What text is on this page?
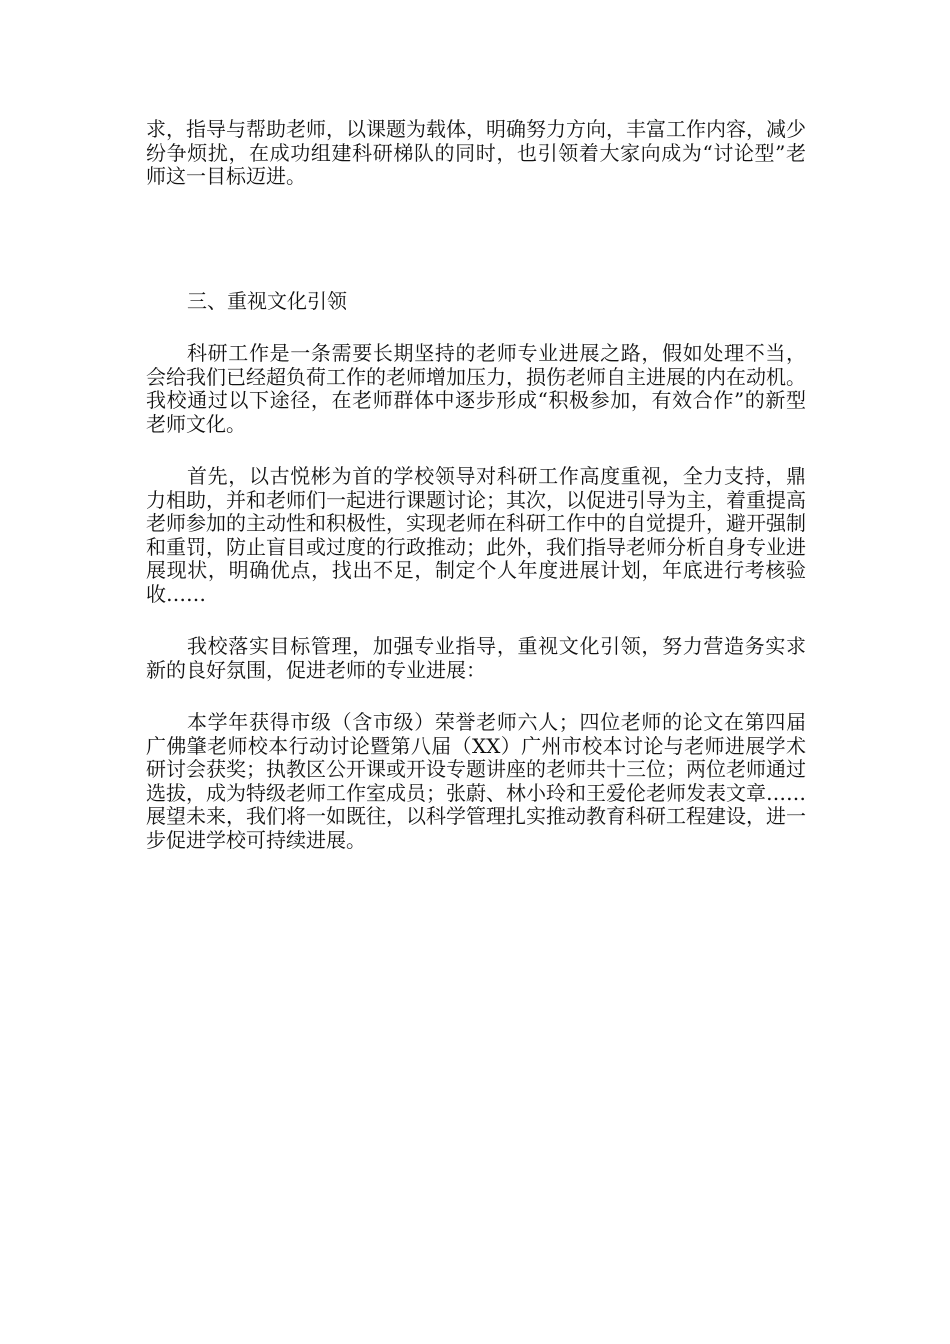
求，指导与帮助老师，以课题为载体，明确努力方向，丰富工作内容，减少纷争烦扰，在成功组建科研梯队的同时，也引领着大家向成为“讨论型”老师这一目标迈进。

三、重视文化引领

科研工作是一条需要长期坚持的老师专业进展之路，假如处理不当，会给我们已经超负荷工作的老师增加压力，损伤老师自主进展的内在动机。我校通过以下途径，在老师群体中逐步形成“积极参加，有效合作”的新型老师文化。

首先，以古悦彬为首的学校领导对科研工作高度重视，全力支持，鼎力相助，并和老师们一起进行课题讨论；其次，以促进引导为主，着重提高老师参加的主动性和积极性，实现老师在科研工作中的自觉提升，避开强制和重罚，防止盲目或过度的行政推动；此外，我们指导老师分析自身专业进展现状，明确优点，找出不足，制定个人年度进展计划，年底进行考核验收……

我校落实目标管理，加强专业指导，重视文化引领，努力营造务实求新的良好氛围，促进老师的专业进展：

本学年获得市级（含市级）荣誉老师六人；四位老师的论文在第四届广佛肇老师校本行动讨论暨第八届（XX）广州市校本讨论与老师进展学术研讨会获奖；执教区公开课或开设专题讲座的老师共十三位；两位老师通过选拔，成为特级老师工作室成员；张蔚、林小玲和王爱伦老师发表文章……展望未来，我们将一如既往，以科学管理扎实推动教育科研工程建设，进一步促进学校可持续进展。
